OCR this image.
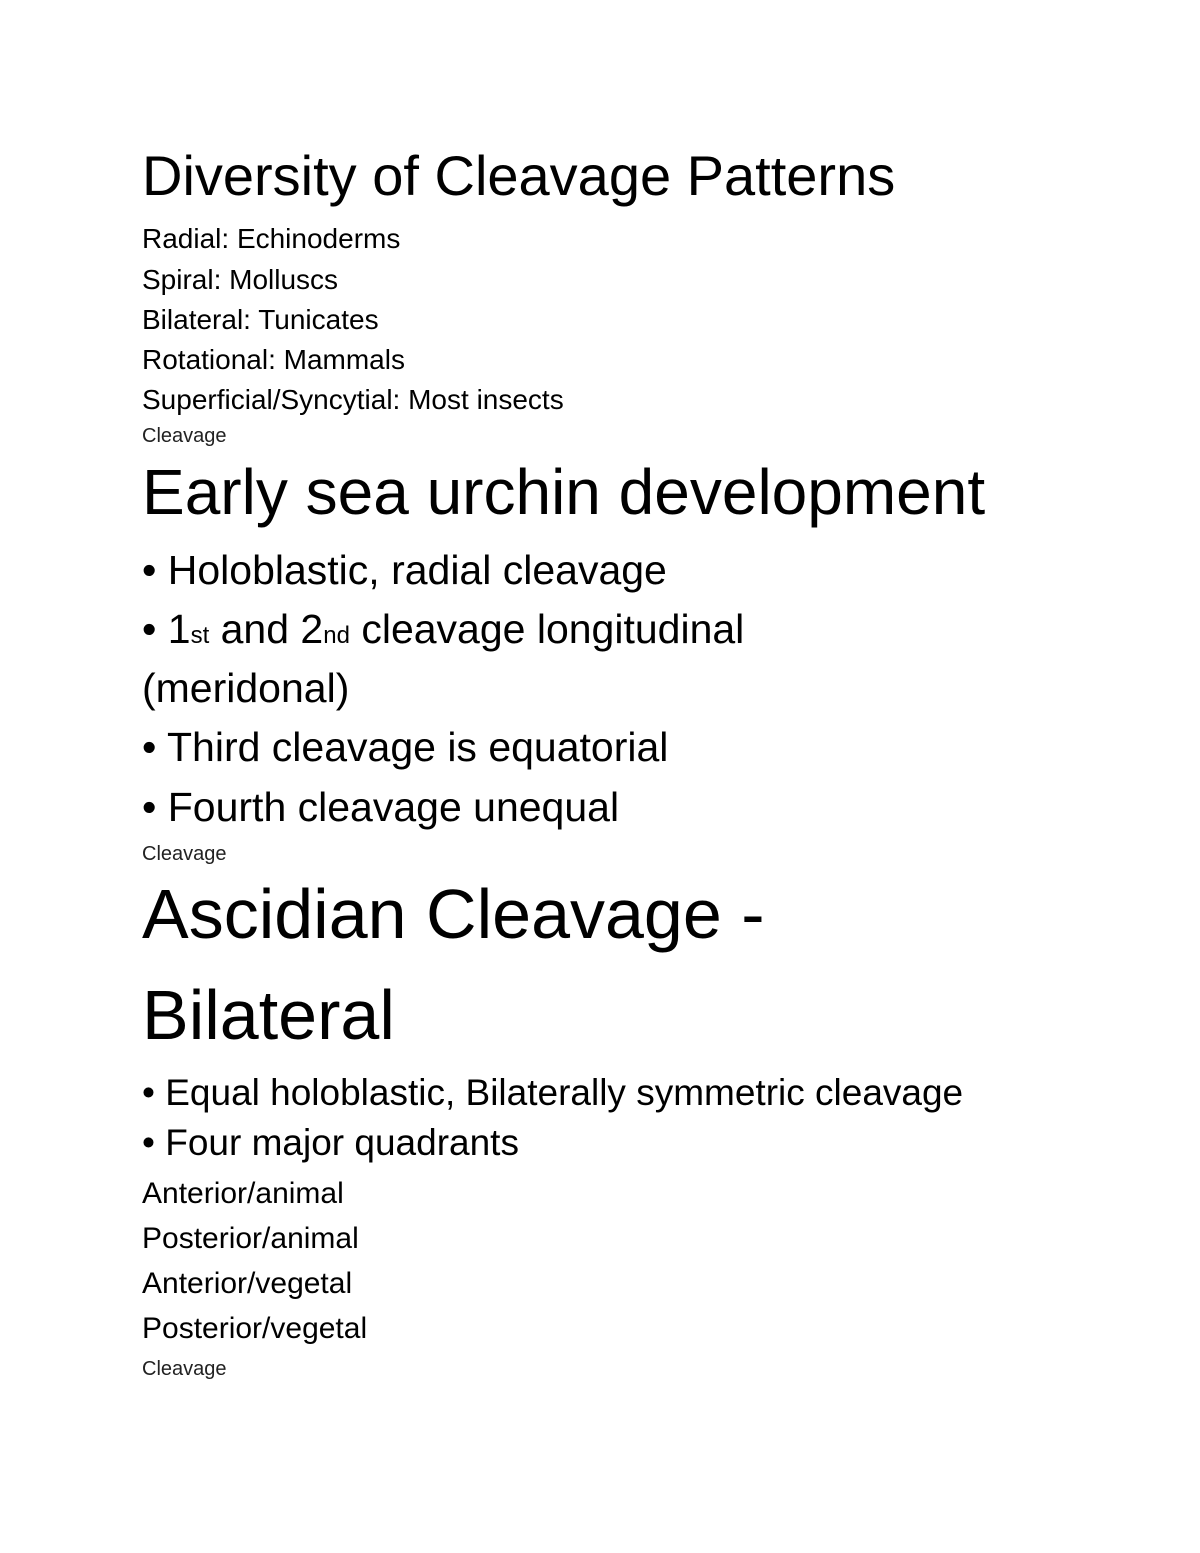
Diversity of Cleavage Patterns
Radial: Echinoderms
Spiral: Molluscs
Bilateral: Tunicates
Rotational: Mammals
Superficial/Syncytial: Most insects
Cleavage
Early sea urchin development
• Holoblastic, radial cleavage
• 1st and 2nd cleavage longitudinal
(meridonal)
• Third cleavage is equatorial
• Fourth cleavage unequal
Cleavage
Ascidian Cleavage -
Bilateral
• Equal holoblastic, Bilaterally symmetric cleavage
• Four major quadrants
Anterior/animal
Posterior/animal
Anterior/vegetal
Posterior/vegetal
Cleavage
